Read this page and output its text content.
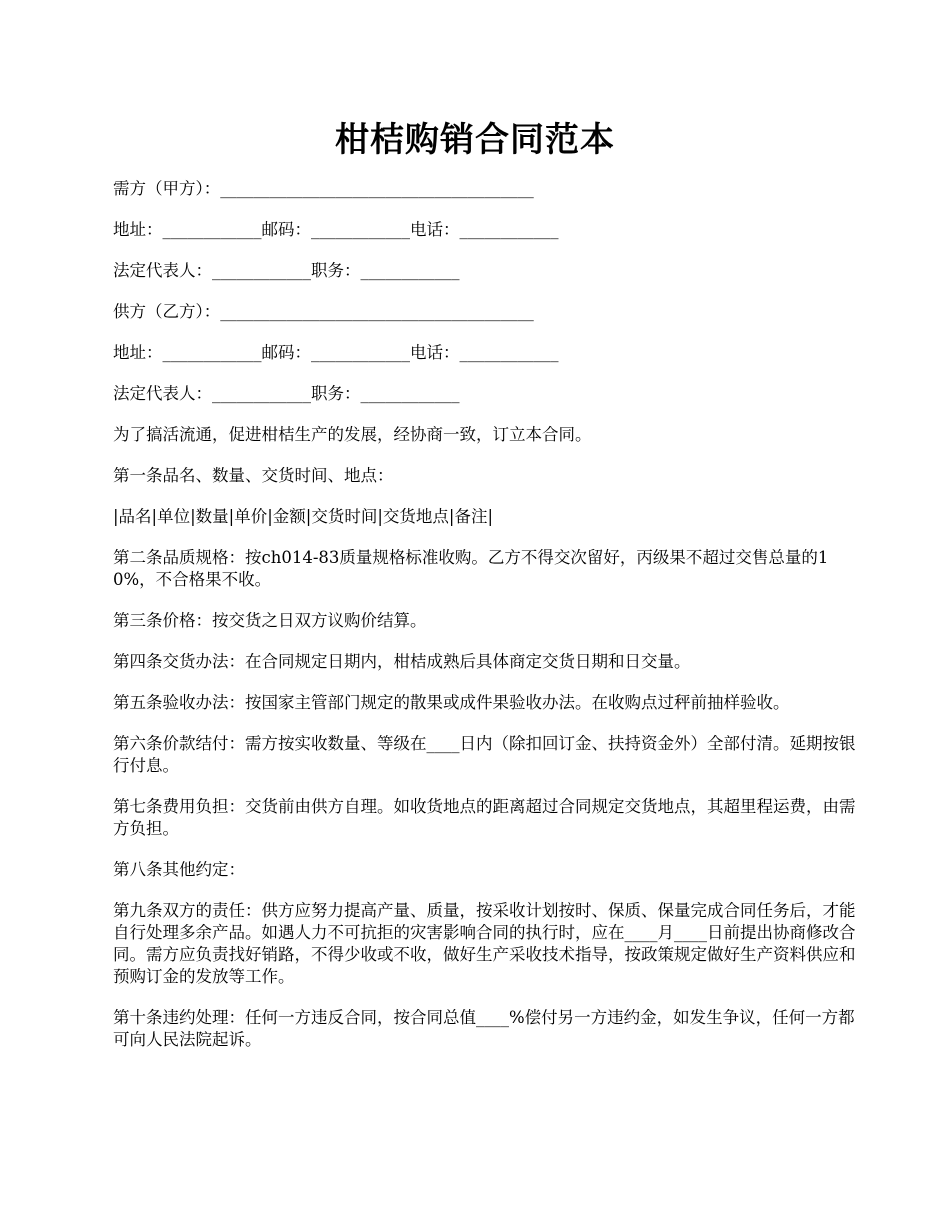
柑桔购销合同范本

需方（甲方）：______________________________________

地址：____________邮码：____________电话：____________

法定代表人：____________职务：____________

供方（乙方）：______________________________________

地址：____________邮码：____________电话：____________

法定代表人：____________职务：____________

为了搞活流通，促进柑桔生产的发展，经协商一致，订立本合同。

第一条品名、数量、交货时间、地点：

|品名|单位|数量|单价|金额|交货时间|交货地点|备注|

第二条品质规格：按ch014-83质量规格标准收购。乙方不得交次留好，丙级果不超过交售总量的10%，不合格果不收。

第三条价格：按交货之日双方议购价结算。

第四条交货办法：在合同规定日期内，柑桔成熟后具体商定交货日期和日交量。

第五条验收办法：按国家主管部门规定的散果或成件果验收办法。在收购点过秤前抽样验收。

第六条价款结付：需方按实收数量、等级在____日内（除扣回订金、扶持资金外）全部付清。延期按银行付息。

第七条费用负担：交货前由供方自理。如收货地点的距离超过合同规定交货地点，其超里程运费，由需方负担。

第八条其他约定：

第九条双方的责任：供方应努力提高产量、质量，按采收计划按时、保质、保量完成合同任务后，才能自行处理多余产品。如遇人力不可抗拒的灾害影响合同的执行时，应在____月____日前提出协商修改合同。需方应负责找好销路，不得少收或不收，做好生产采收技术指导，按政策规定做好生产资料供应和预购订金的发放等工作。

第十条违约处理：任何一方违反合同，按合同总值____%偿付另一方违约金，如发生争议，任何一方都可向人民法院起诉。
